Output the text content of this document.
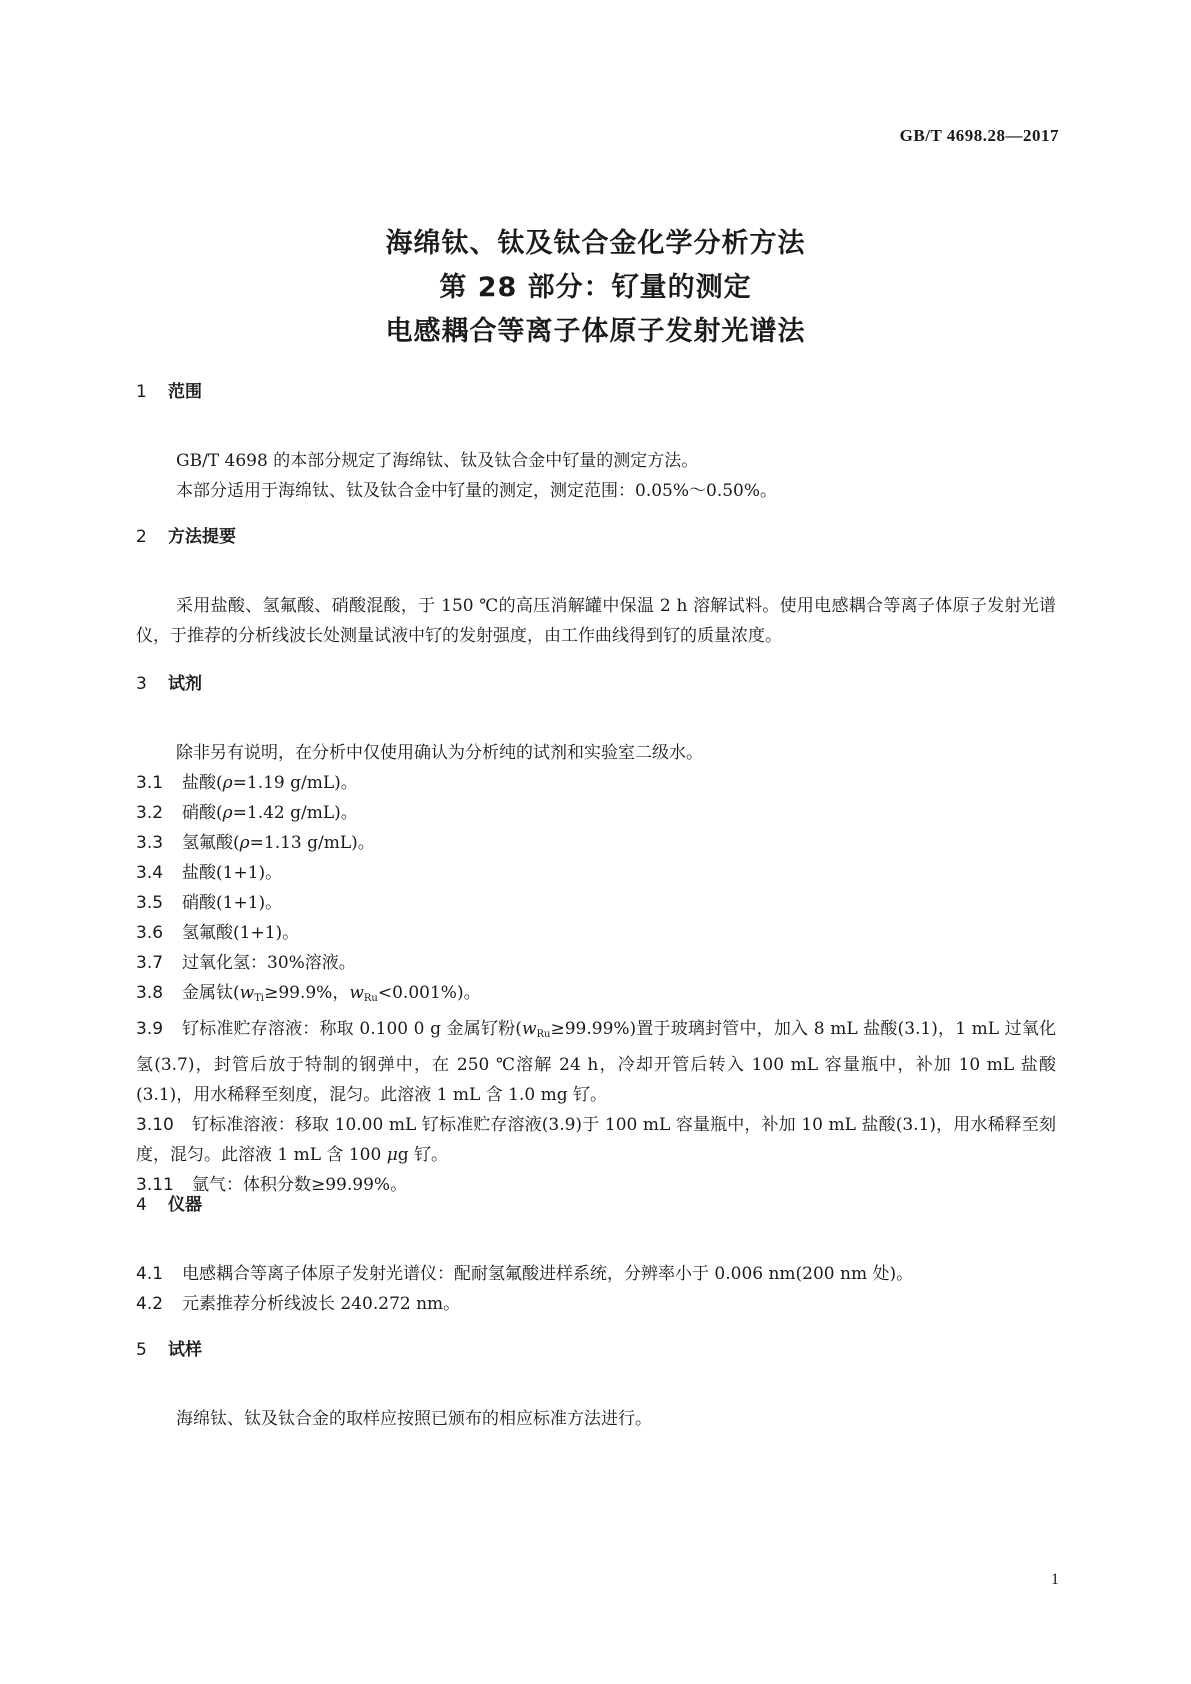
GB/T 4698.28—2017
海绵钛、钛及钛合金化学分析方法
第 28 部分：钌量的测定
电感耦合等离子体原子发射光谱法
1 范围
GB/T 4698 的本部分规定了海绵钛、钛及钛合金中钌量的测定方法。
本部分适用于海绵钛、钛及钛合金中钌量的测定，测定范围：0.05%～0.50%。
2 方法提要
采用盐酸、氢氟酸、硝酸混酸，于 150 ℃的高压消解罐中保温 2 h 溶解试料。使用电感耦合等离子体原子发射光谱仪，于推荐的分析线波长处测量试液中钌的发射强度，由工作曲线得到钌的质量浓度。
3 试剂
除非另有说明，在分析中仅使用确认为分析纯的试剂和实验室二级水。
3.1	盐酸(ρ=1.19 g/mL)。
3.2	硝酸(ρ=1.42 g/mL)。
3.3	氢氟酸(ρ=1.13 g/mL)。
3.4	盐酸(1+1)。
3.5	硝酸(1+1)。
3.6	氢氟酸(1+1)。
3.7	过氧化氢：30%溶液。
3.8	金属钛($w_{Ti}\ge 99.9\%$，$w_{Ru}<0.001\%$)。
3.9	钌标准贮存溶液：称取 0.100 0 g 金属钌粉$(w_{Ru}\ge 99.99\%)$置于玻璃封管中，加入 8 mL 盐酸(3.1)，1 mL 过氧化氢(3.7)，封管后放于特制的钢弹中，在 250 ℃溶解 24 h，冷却开管后转入 100 mL 容量瓶中，补加 10 mL 盐酸(3.1)，用水稀释至刻度，混匀。此溶液 1 mL 含 1.0 mg 钌。
3.10	钌标准溶液：移取 10.00 mL 钌标准贮存溶液(3.9)于 100 mL 容量瓶中，补加 10 mL 盐酸(3.1)，用水稀释至刻度，混匀。此溶液 1 mL 含 100 μg 钌。
3.11	氩气：体积分数≥99.99%。
4 仪器
4.1	电感耦合等离子体原子发射光谱仪：配耐氢氟酸进样系统，分辨率小于 0.006 nm(200 nm 处)。
4.2	元素推荐分析线波长 240.272 nm。
5 试样
海绵钛、钛及钛合金的取样应按照已颁布的相应标准方法进行。
1
